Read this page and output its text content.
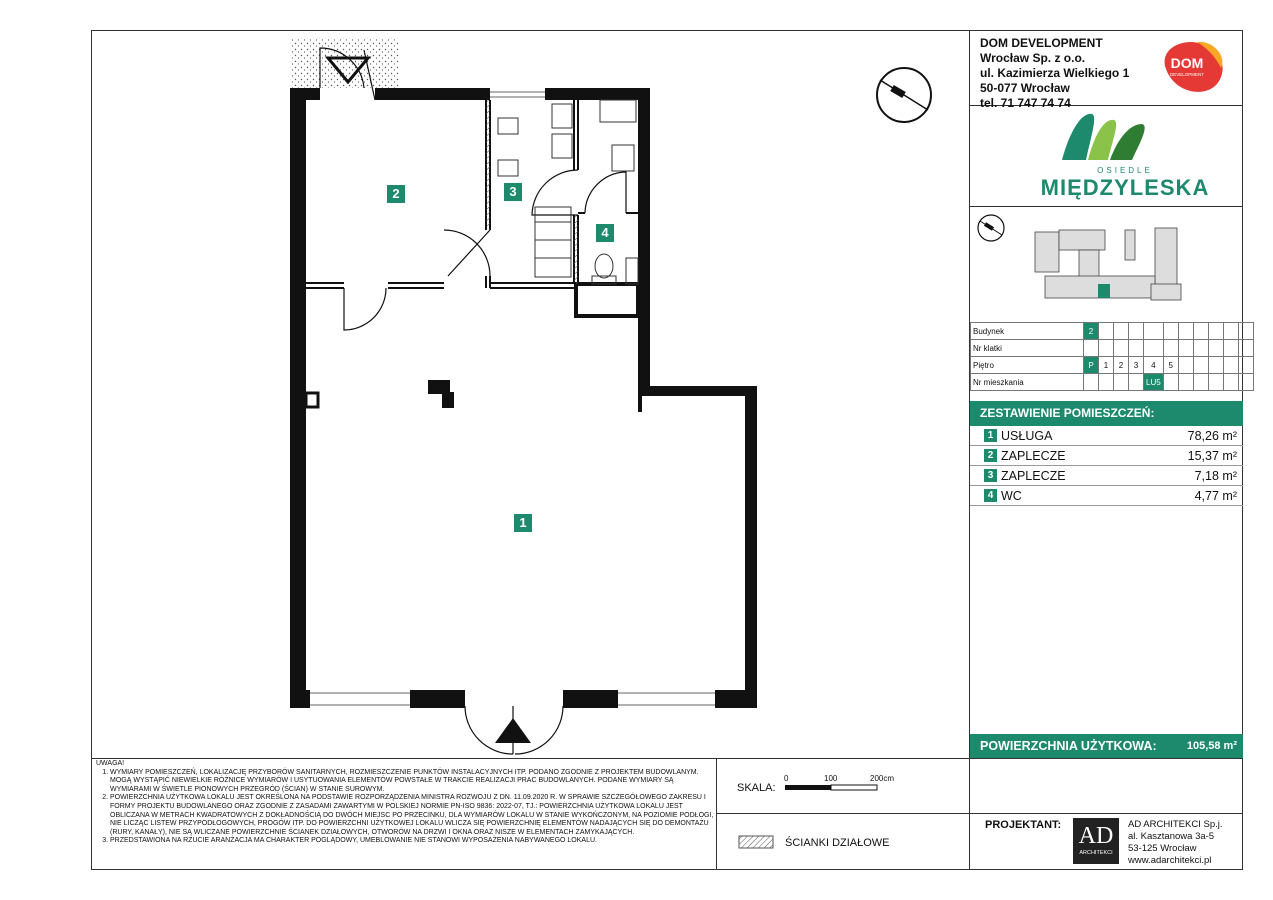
1
2	3
4
DOM DEVELOPMENT
Wrocław Sp. z o.o.
ul. Kazimierza Wielkiego 1
50-077 Wrocław
tel. 71 747 74 74
DOM
DEVELOPMENT
OSIEDLE
MIĘDZYLESKA
Budynek	2										
Nr klatki											
Piętro	P	1	2	3	4	5					
Nr mieszkania					LU5						
ZESTAWIENIE POMIESZCZEŃ:
1 USŁUGA	78,26 m²
2 ZAPLECZE	15,37 m²
3 ZAPLECZE	7,18 m²
4 WC	4,77 m²
POWIERZCHNIA UŻYTKOWA:	105,58 m²
UWAGA!
1. WYMIARY POMIESZCZEŃ, LOKALIZACJĘ PRZYBORÓW SANITARNYCH, ROZMIESZCZENIE PUNKTÓW INSTALACYJNYCH ITP. PODANO ZGODNIE Z PROJEKTEM BUDOWLANYM. MOGĄ WYSTĄPIĆ NIEWIELKIE RÓŻNICE WYMIARÓW I USYTUOWANIA ELEMENTÓW POWSTAŁE W TRAKCIE REALIZACJI PRAC BUDOWLANYCH. PODANE WYMIARY SĄ WYMIARAMI W ŚWIETLE PIONOWYCH PRZEGRÓD (ŚCIAN) W STANIE SUROWYM.
2. POWIERZCHNIA UŻYTKOWA LOKALU JEST OKREŚLONA NA PODSTAWIE ROZPORZĄDZENIA MINISTRA ROZWOJU Z DN. 11.09.2020 R. W SPRAWIE SZCZEGÓŁOWEGO ZAKRESU I FORMY PROJEKTU BUDOWLANEGO ORAZ ZGODNIE Z ZASADAMI ZAWARTYMI W POLSKIEJ NORMIE PN-ISO 9836: 2022-07, TJ.: POWIERZCHNIA UŻYTKOWA LOKALU JEST OBLICZANA W METRACH KWADRATOWYCH Z DOKŁADNOŚCIĄ DO DWÓCH MIEJSC PO PRZECINKU, DLA WYMIARÓW LOKALU W STANIE WYKOŃCZONYM, NA POZIOMIE PODŁOGI, NIE LICZĄC LISTEW PRZYPODŁOGOWYCH, PROGÓW ITP. DO POWIERZCHNI UŻYTKOWEJ LOKALU WLICZA SIĘ POWIERZCHNIĘ ELEMENTÓW NADAJĄCYCH SIĘ DO DEMONTAŻU (RURY, KANAŁY), NIE SĄ WLICZANE POWIERZCHNIE ŚCIANEK DZIAŁOWYCH, OTWORÓW NA DRZWI I OKNA ORAZ NISZE W ELEMENTACH ZAMYKAJĄCYCH.
3. PRZEDSTAWIONA NA RZUCIE ARANŻACJA MA CHARAKTER POGLĄDOWY, UMEBLOWANIE NIE STANOWI WYPOSAŻENIA NABYWANEGO LOKALU.
SKALA:
0	100	200cm
ŚCIANKI DZIAŁOWE
PROJEKTANT: AD
ARCHITEKCI
AD ARCHITEKCI Sp.j.
al. Kasztanowa 3a-5
53-125 Wrocław
www.adarchitekci.pl
